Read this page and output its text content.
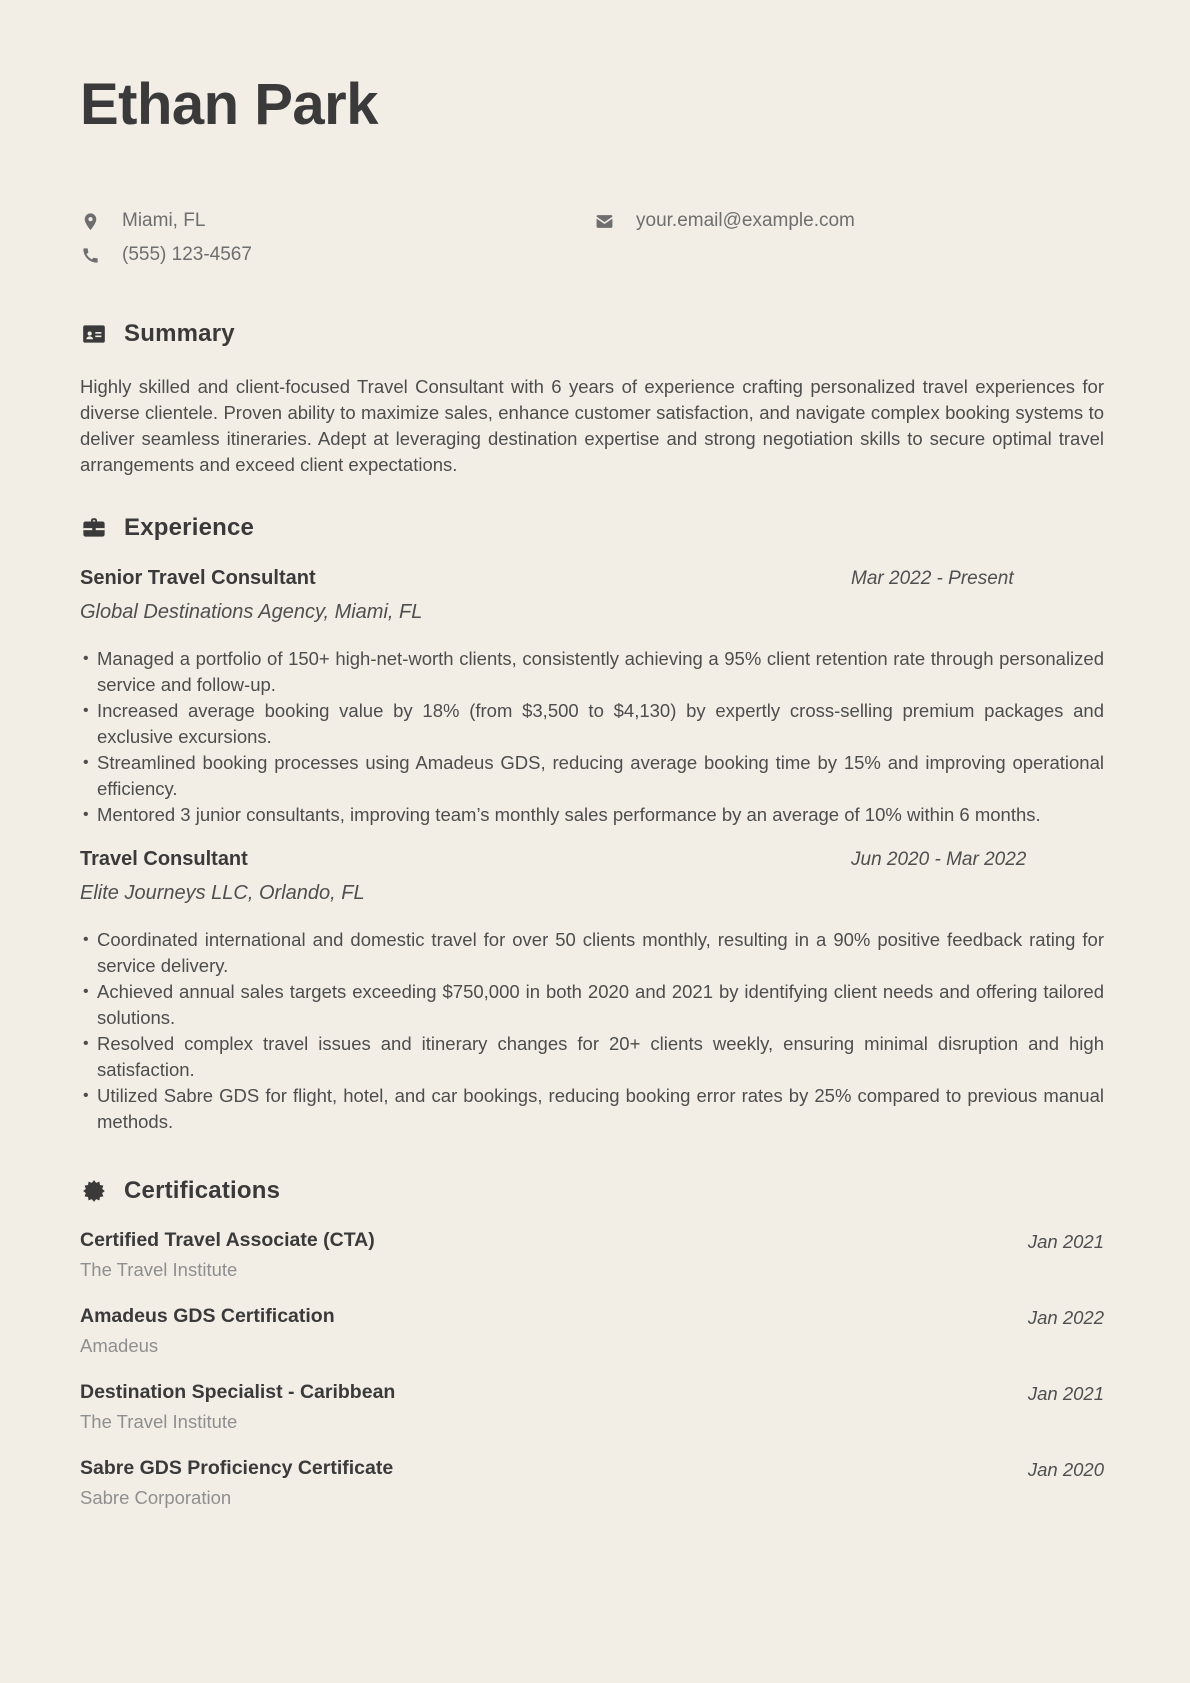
Ethan Park
Miami, FL
(555) 123-4567
your.email@example.com
Summary

Highly skilled and client-focused Travel Consultant with 6 years of experience crafting personalized travel experiences for diverse clientele. Proven ability to maximize sales, enhance customer satisfaction, and navigate complex booking systems to deliver seamless itineraries. Adept at leveraging destination expertise and strong negotiation skills to secure optimal travel arrangements and exceed client expectations.

Experience
Senior Travel Consultant	Mar 2022 - Present
Global Destinations Agency, Miami, FL
• Managed a portfolio of 150+ high-net-worth clients, consistently achieving a 95% client retention rate through personalized service and follow-up.
• Increased average booking value by 18% (from $3,500 to $4,130) by expertly cross-selling premium packages and exclusive excursions.
• Streamlined booking processes using Amadeus GDS, reducing average booking time by 15% and improving operational efficiency.
• Mentored 3 junior consultants, improving team’s monthly sales performance by an average of 10% within 6 months.
Travel Consultant	Jun 2020 - Mar 2022
Elite Journeys LLC, Orlando, FL
• Coordinated international and domestic travel for over 50 clients monthly, resulting in a 90% positive feedback rating for service delivery.
• Achieved annual sales targets exceeding $750,000 in both 2020 and 2021 by identifying client needs and offering tailored solutions.
• Resolved complex travel issues and itinerary changes for 20+ clients weekly, ensuring minimal disruption and high satisfaction.
• Utilized Sabre GDS for flight, hotel, and car bookings, reducing booking error rates by 25% compared to previous manual methods.
Certifications
Certified Travel Associate (CTA)
The Travel Institute
Jan 2021
Amadeus GDS Certification
Amadeus
Jan 2022
Destination Specialist - Caribbean
The Travel Institute
Jan 2021
Sabre GDS Proficiency Certificate
Sabre Corporation
Jan 2020
